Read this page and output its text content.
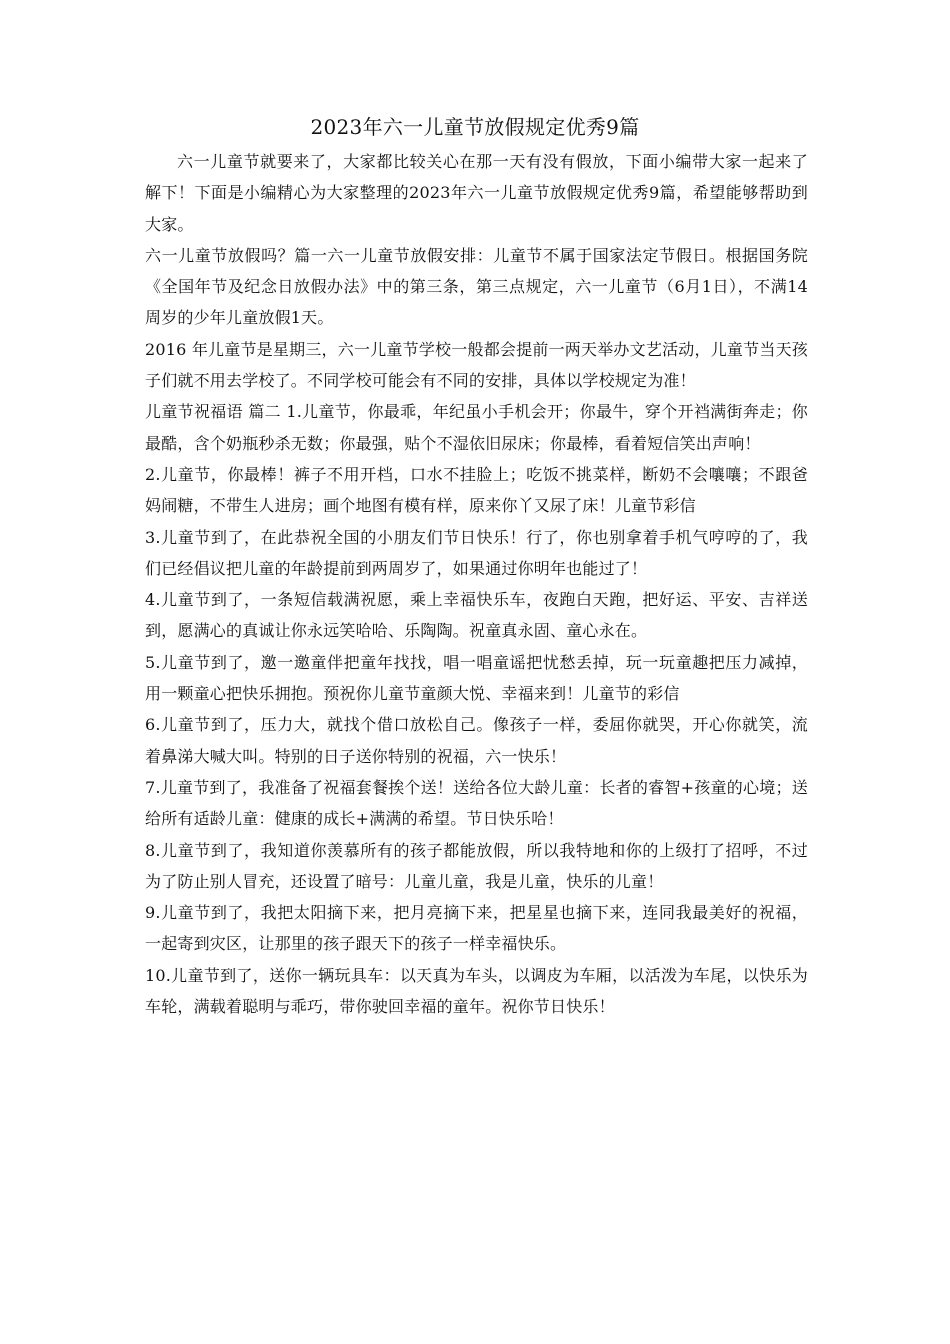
2023年六一儿童节放假规定优秀9篇

六一儿童节就要来了，大家都比较关心在那一天有没有假放，下面小编带大家一起来了解下！下面是小编精心为大家整理的2023年六一儿童节放假规定优秀9篇，希望能够帮助到大家。

六一儿童节放假吗？篇一六一儿童节放假安排：儿童节不属于国家法定节假日。根据国务院《全国年节及纪念日放假办法》中的第三条，第三点规定，六一儿童节（6月1日），不满14周岁的少年儿童放假1天。

2016 年儿童节是星期三，六一儿童节学校一般都会提前一两天举办文艺活动，儿童节当天孩子们就不用去学校了。不同学校可能会有不同的安排，具体以学校规定为准！

儿童节祝福语 篇二 1.儿童节，你最乖，年纪虽小手机会开；你最牛，穿个开裆满街奔走；你最酷，含个奶瓶秒杀无数；你最强，贴个不湿依旧尿床；你最棒，看着短信笑出声响！

2.儿童节，你最棒！裤子不用开档，口水不挂脸上；吃饭不挑菜样，断奶不会嚷嚷；不跟爸妈闹糖，不带生人进房；画个地图有模有样，原来你丫又尿了床！儿童节彩信

3.儿童节到了，在此恭祝全国的小朋友们节日快乐！行了，你也别拿着手机气哼哼的了，我们已经倡议把儿童的年龄提前到两周岁了，如果通过你明年也能过了！

4.儿童节到了，一条短信载满祝愿，乘上幸福快乐车，夜跑白天跑，把好运、平安、吉祥送到，愿满心的真诚让你永远笑哈哈、乐陶陶。祝童真永固、童心永在。

5.儿童节到了，邀一邀童伴把童年找找，唱一唱童谣把忧愁丢掉，玩一玩童趣把压力减掉，用一颗童心把快乐拥抱。预祝你儿童节童颜大悦、幸福来到！儿童节的彩信

6.儿童节到了，压力大，就找个借口放松自己。像孩子一样，委屈你就哭，开心你就笑，流着鼻涕大喊大叫。特别的日子送你特别的祝福，六一快乐！

7.儿童节到了，我准备了祝福套餐挨个送！送给各位大龄儿童：长者的睿智+孩童的心境；送给所有适龄儿童：健康的成长+满满的希望。节日快乐哈！

8.儿童节到了，我知道你羡慕所有的孩子都能放假，所以我特地和你的上级打了招呼，不过为了防止别人冒充，还设置了暗号：儿童儿童，我是儿童，快乐的儿童！

9.儿童节到了，我把太阳摘下来，把月亮摘下来，把星星也摘下来，连同我最美好的祝福，一起寄到灾区，让那里的孩子跟天下的孩子一样幸福快乐。

10.儿童节到了，送你一辆玩具车：以天真为车头，以调皮为车厢，以活泼为车尾，以快乐为车轮，满载着聪明与乖巧，带你驶回幸福的童年。祝你节日快乐！
